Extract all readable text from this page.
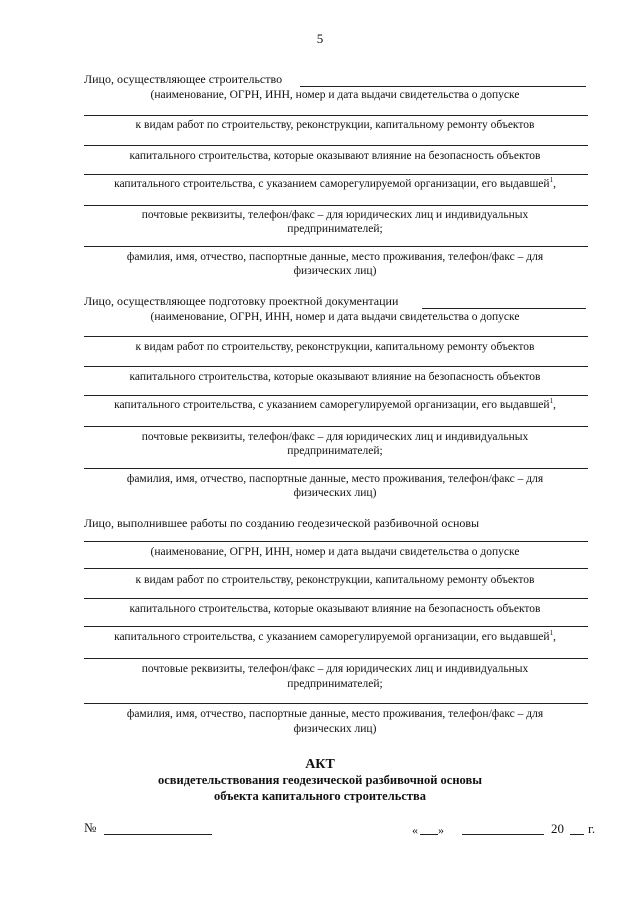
5
Лицо, осуществляющее строительство
(наименование, ОГРН, ИНН, номер и дата выдачи свидетельства о допуске
к видам работ по строительству, реконструкции, капитальному ремонту объектов
капитального строительства, которые оказывают влияние на безопасность объектов
капитального строительства, с указанием саморегулируемой организации, его выдавшей$^1$,
почтовые реквизиты, телефон/факс – для юридических лиц и индивидуальных
предпринимателей;
фамилия, имя, отчество, паспортные данные, место проживания, телефон/факс – для
физических лиц)
Лицо, осуществляющее подготовку проектной документации
(наименование, ОГРН, ИНН, номер и дата выдачи свидетельства о допуске
к видам работ по строительству, реконструкции, капитальному ремонту объектов
капитального строительства, которые оказывают влияние на безопасность объектов
капитального строительства, с указанием саморегулируемой организации, его выдавшей$^1$,
почтовые реквизиты, телефон/факс – для юридических лиц и индивидуальных
предпринимателей;
фамилия, имя, отчество, паспортные данные, место проживания, телефон/факс – для
физических лиц)
Лицо, выполнившее работы по созданию геодезической разбивочной основы
(наименование, ОГРН, ИНН, номер и дата выдачи свидетельства о допуске
к видам работ по строительству, реконструкции, капитальному ремонту объектов
капитального строительства, которые оказывают влияние на безопасность объектов
капитального строительства, с указанием саморегулируемой организации, его выдавшей$^1$,
почтовые реквизиты, телефон/факс – для юридических лиц и индивидуальных
предпринимателей;
фамилия, имя, отчество, паспортные данные, место проживания, телефон/факс – для
физических лиц)
АКТ
освидетельствования геодезической разбивочной основы
объекта капитального строительства
№	« »	20 г.
